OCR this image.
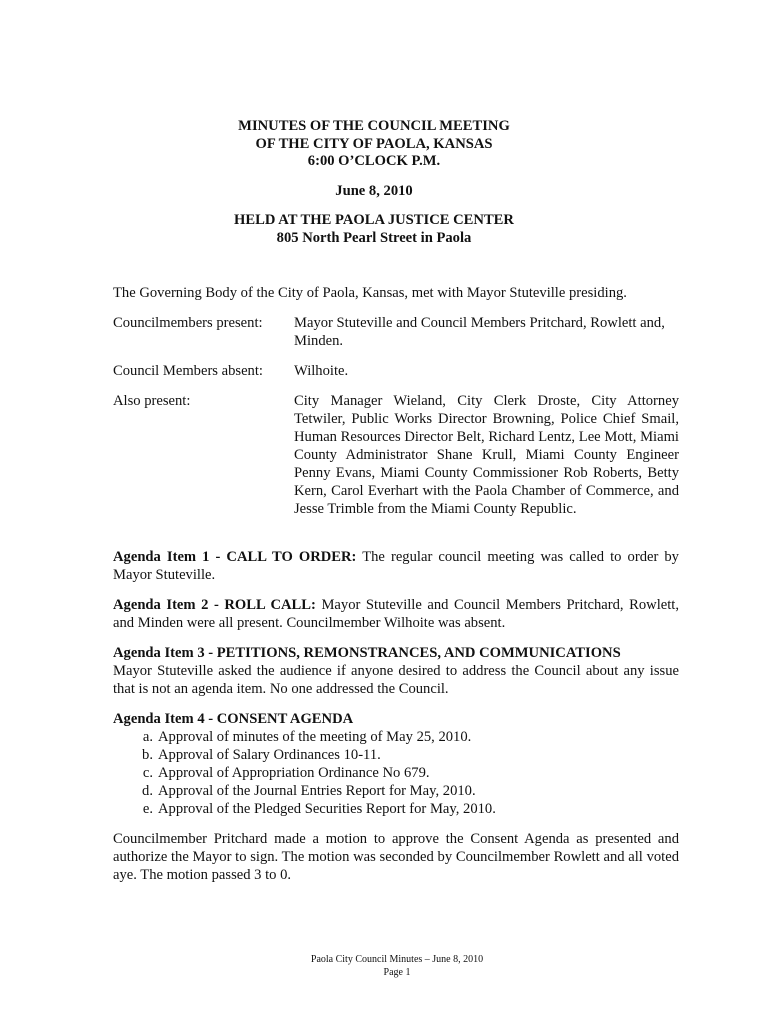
MINUTES OF THE COUNCIL MEETING
OF THE CITY OF PAOLA, KANSAS
6:00 O’CLOCK P.M.
June 8, 2010
HELD AT THE PAOLA JUSTICE CENTER
805 North Pearl Street in Paola

The Governing Body of the City of Paola, Kansas, met with Mayor Stuteville presiding.

Councilmembers present:	Mayor Stuteville and Council Members Pritchard, Rowlett and, Minden.
Council Members absent:	Wilhoite.
Also present:	City Manager Wieland, City Clerk Droste, City Attorney Tetwiler, Public Works Director Browning, Police Chief Smail, Human Resources Director Belt, Richard Lentz, Lee Mott, Miami County Administrator Shane Krull, Miami County Engineer Penny Evans, Miami County Commissioner Rob Roberts, Betty Kern, Carol Everhart with the Paola Chamber of Commerce, and Jesse Trimble from the Miami County Republic.

Agenda Item 1 - CALL TO ORDER: The regular council meeting was called to order by Mayor Stuteville.

Agenda Item 2 - ROLL CALL: Mayor Stuteville and Council Members Pritchard, Rowlett, and Minden were all present. Councilmember Wilhoite was absent.

Agenda Item 3 - PETITIONS, REMONSTRANCES, AND COMMUNICATIONS

Mayor Stuteville asked the audience if anyone desired to address the Council about any issue that is not an agenda item. No one addressed the Council.

Agenda Item 4 - CONSENT AGENDA
a. Approval of minutes of the meeting of May 25, 2010.
b. Approval of Salary Ordinances 10-11.
c. Approval of Appropriation Ordinance No 679.
d. Approval of the Journal Entries Report for May, 2010.
e. Approval of the Pledged Securities Report for May, 2010.

Councilmember Pritchard made a motion to approve the Consent Agenda as presented and authorize the Mayor to sign. The motion was seconded by Councilmember Rowlett and all voted aye. The motion passed 3 to 0.

Paola City Council Minutes – June 8, 2010
Page 1
